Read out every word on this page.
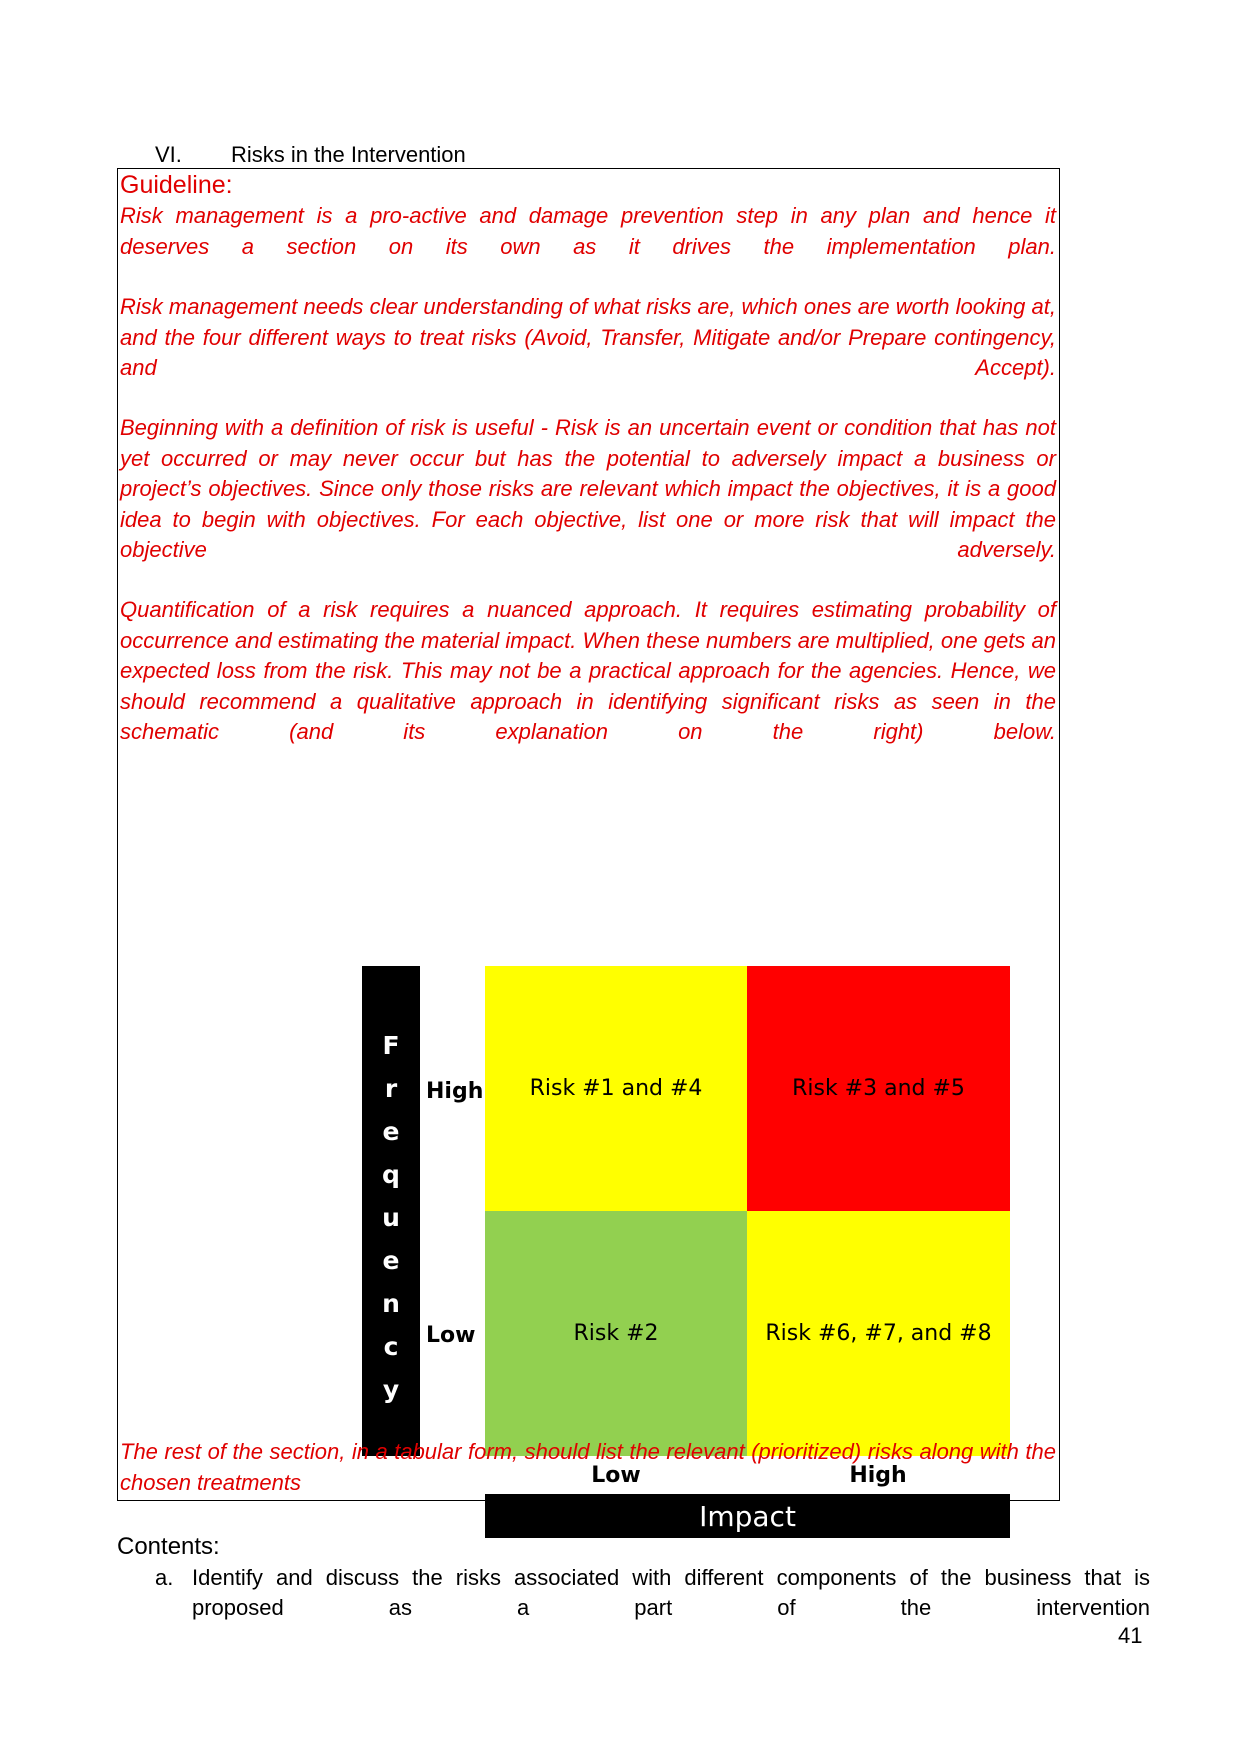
VI. Risks in the Intervention
Guideline:

Risk management is a pro-active and damage prevention step in any plan and hence it deserves a section on its own as it drives the implementation plan.

Risk management needs clear understanding of what risks are, which ones are worth looking at, and the four different ways to treat risks (Avoid, Transfer, Mitigate and/or Prepare contingency, and Accept).

Beginning with a definition of risk is useful - Risk is an uncertain event or condition that has not yet occurred or may never occur but has the potential to adversely impact a business or project’s objectives. Since only those risks are relevant which impact the objectives, it is a good idea to begin with objectives. For each objective, list one or more risk that will impact the objective adversely.

Quantification of a risk requires a nuanced approach. It requires estimating probability of occurrence and estimating the material impact. When these numbers are multiplied, one gets an expected loss from the risk. This may not be a practical approach for the agencies. Hence, we should recommend a qualitative approach in identifying significant risks as seen in the schematic (and its explanation on the right) below.

F
r
e
q
u
e
n
c
y
High
Low
Risk #1 and #4	Risk #3 and #5
Risk #2	Risk #6, #7, and #8
Low	High
Impact

The rest of the section, in a tabular form, should list the relevant (prioritized) risks along with the chosen treatments

Contents:
a. Identify and discuss the risks associated with different components of the business that is proposed as a part of the intervention
41
